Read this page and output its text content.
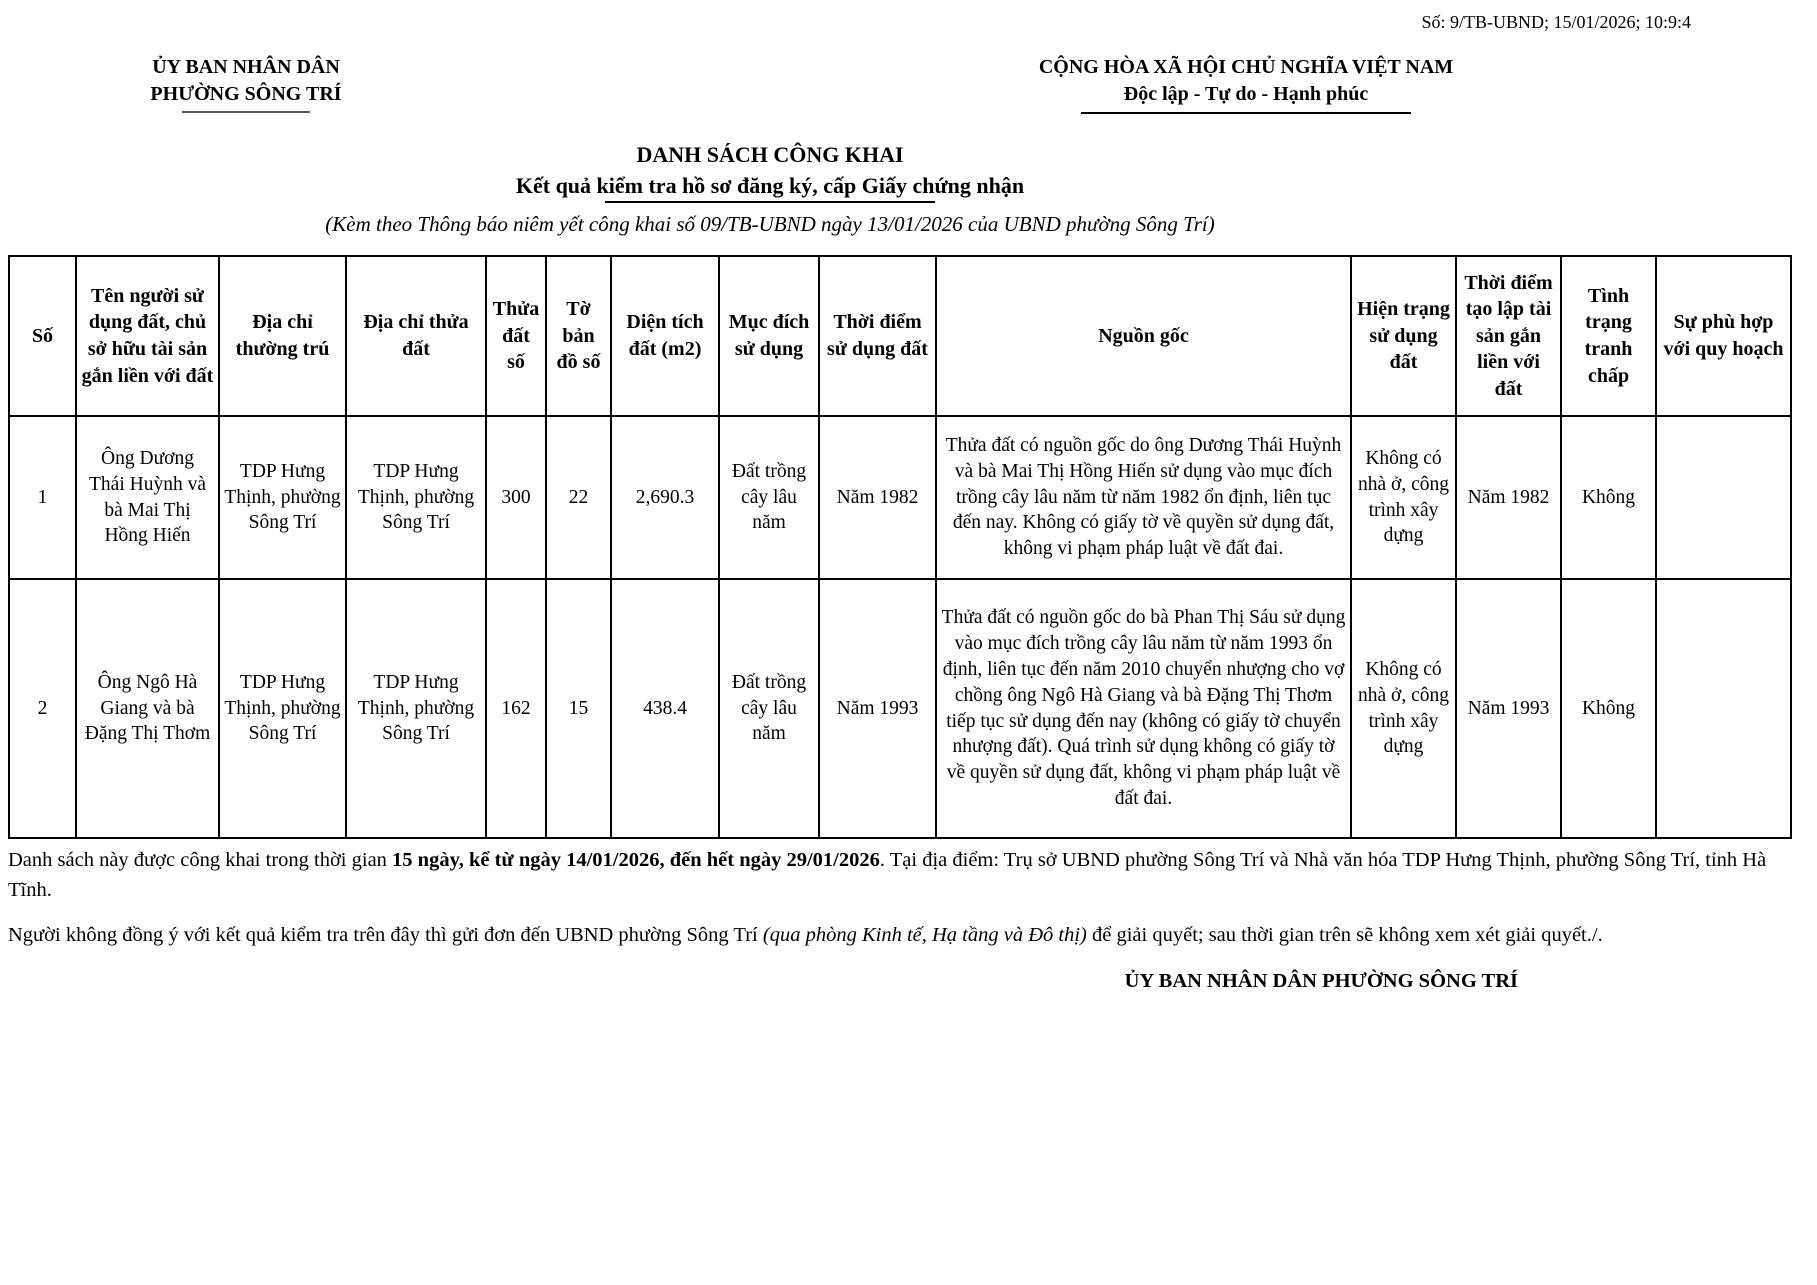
Số: 9/TB-UBND; 15/01/2026; 10:9:4
ỦY BAN NHÂN DÂN
PHƯỜNG SÔNG TRÍ
CỘNG HÒA XÃ HỘI CHỦ NGHĨA VIỆT NAM
Độc lập - Tự do - Hạnh phúc
DANH SÁCH CÔNG KHAI
Kết quả kiểm tra hồ sơ đăng ký, cấp Giấy chứng nhận
(Kèm theo Thông báo niêm yết công khai số 09/TB-UBND ngày 13/01/2026 của UBND phường Sông Trí)
Số	Tên người sử dụng đất, chủ sở hữu tài sản gắn liền với đất	Địa chỉ thường trú	Địa chỉ thửa đất	Thửa đất số	Tờ bản đồ số	Diện tích đất (m2)	Mục đích sử dụng	Thời điểm sử dụng đất	Nguồn gốc	Hiện trạng sử dụng đất	Thời điểm tạo lập tài sản gắn liền với đất	Tình trạng tranh chấp	Sự phù hợp với quy hoạch
1	Ông Dương Thái Huỳnh và bà Mai Thị Hồng Hiến	TDP Hưng Thịnh, phường Sông Trí	TDP Hưng Thịnh, phường Sông Trí	300	22	2,690.3	Đất trồng cây lâu năm	Năm 1982	Thửa đất có nguồn gốc do ông Dương Thái Huỳnh và bà Mai Thị Hồng Hiến sử dụng vào mục đích trồng cây lâu năm từ năm 1982 ổn định, liên tục đến nay. Không có giấy tờ về quyền sử dụng đất, không vi phạm pháp luật về đất đai.	Không có nhà ở, công trình xây dựng	Năm 1982	Không	
2	Ông Ngô Hà Giang và bà Đặng Thị Thơm	TDP Hưng Thịnh, phường Sông Trí	TDP Hưng Thịnh, phường Sông Trí	162	15	438.4	Đất trồng cây lâu năm	Năm 1993	Thửa đất có nguồn gốc do bà Phan Thị Sáu sử dụng vào mục đích trồng cây lâu năm từ năm 1993 ổn định, liên tục đến năm 2010 chuyển nhượng cho vợ chồng ông Ngô Hà Giang và bà Đặng Thị Thơm tiếp tục sử dụng đến nay (không có giấy tờ chuyển nhượng đất). Quá trình sử dụng không có giấy tờ về quyền sử dụng đất, không vi phạm pháp luật về đất đai.	Không có nhà ở, công trình xây dựng	Năm 1993	Không	

Danh sách này được công khai trong thời gian 15 ngày, kể từ ngày 14/01/2026, đến hết ngày 29/01/2026. Tại địa điểm: Trụ sở UBND phường Sông Trí và Nhà văn hóa TDP Hưng Thịnh, phường Sông Trí, tỉnh Hà Tĩnh.

Người không đồng ý với kết quả kiểm tra trên đây thì gửi đơn đến UBND phường Sông Trí (qua phòng Kinh tế, Hạ tầng và Đô thị) để giải quyết; sau thời gian trên sẽ không xem xét giải quyết./.

ỦY BAN NHÂN DÂN PHƯỜNG SÔNG TRÍ
